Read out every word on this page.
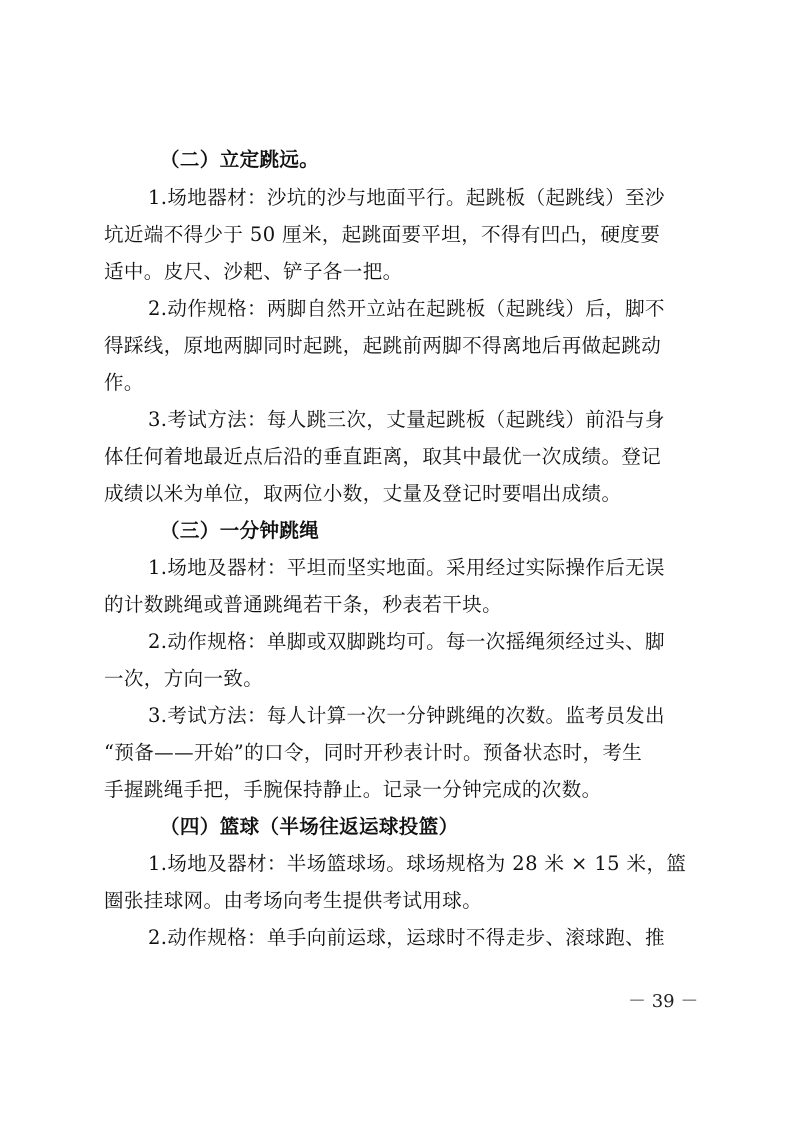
（二）立定跳远。
1.场地器材：沙坑的沙与地面平行。起跳板（起跳线）至沙
坑近端不得少于 50 厘米，起跳面要平坦，不得有凹凸，硬度要
适中。皮尺、沙耙、铲子各一把。
2.动作规格：两脚自然开立站在起跳板（起跳线）后，脚不
得踩线，原地两脚同时起跳，起跳前两脚不得离地后再做起跳动
作。
3.考试方法：每人跳三次，丈量起跳板（起跳线）前沿与身
体任何着地最近点后沿的垂直距离，取其中最优一次成绩。登记
成绩以米为单位，取两位小数，丈量及登记时要唱出成绩。
（三）一分钟跳绳
1.场地及器材：平坦而坚实地面。采用经过实际操作后无误
的计数跳绳或普通跳绳若干条，秒表若干块。
2.动作规格：单脚或双脚跳均可。每一次摇绳须经过头、脚
一次，方向一致。
3.考试方法：每人计算一次一分钟跳绳的次数。监考员发出
“预备——开始”的口令，同时开秒表计时。预备状态时，考生
手握跳绳手把，手腕保持静止。记录一分钟完成的次数。
（四）篮球（半场往返运球投篮）
1.场地及器材：半场篮球场。球场规格为 28 米 × 15 米，篮
圈张挂球网。由考场向考生提供考试用球。
2.动作规格：单手向前运球，运球时不得走步、滚球跑、推
－ 39 －
